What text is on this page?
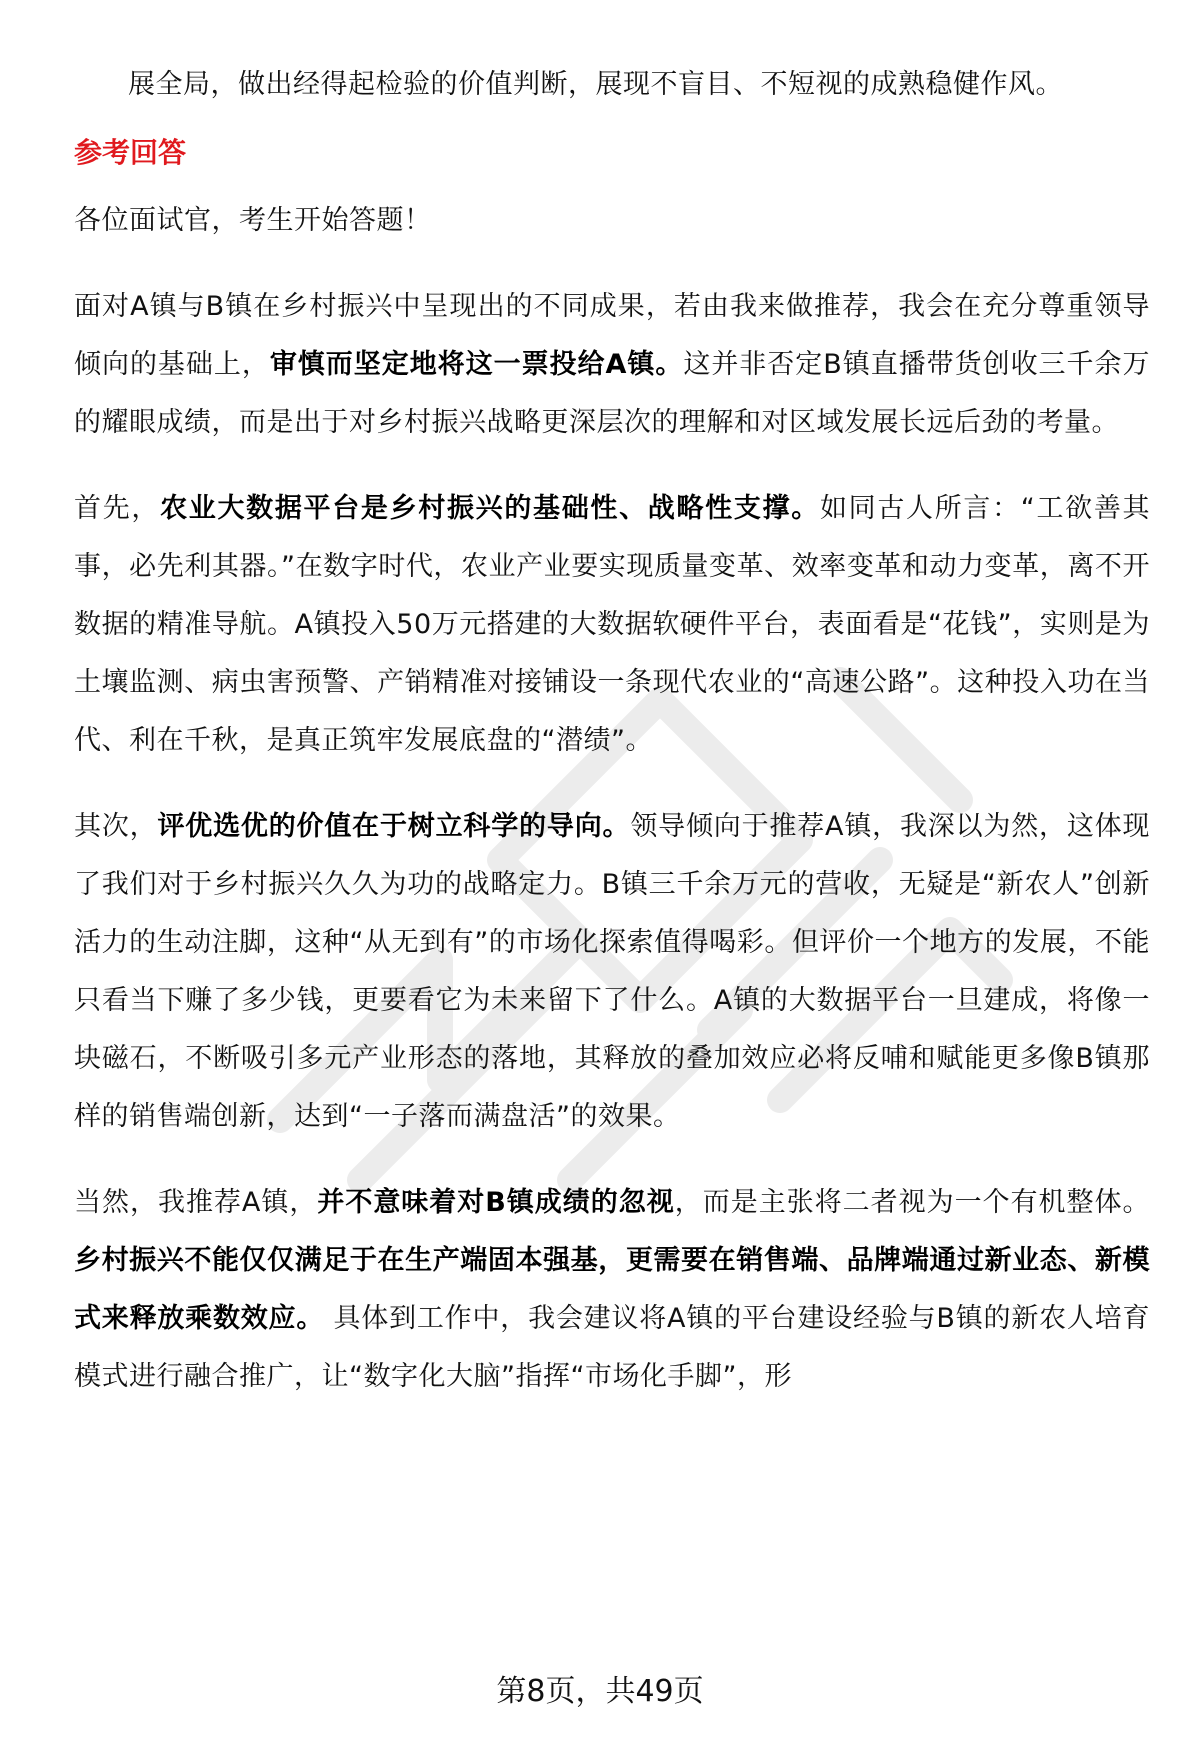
展全局，做出经得起检验的价值判断，展现不盲目、不短视的成熟稳健作风。

参考回答

各位面试官，考生开始答题！

面对A镇与B镇在乡村振兴中呈现出的不同成果，若由我来做推荐，我会在充分尊重领导倾向的基础上，审慎而坚定地将这一票投给A镇。这并非否定B镇直播带货创收三千余万的耀眼成绩，而是出于对乡村振兴战略更深层次的理解和对区域发展长远后劲的考量。

首先，农业大数据平台是乡村振兴的基础性、战略性支撑。如同古人所言：“工欲善其事，必先利其器。”在数字时代，农业产业要实现质量变革、效率变革和动力变革，离不开数据的精准导航。A镇投入50万元搭建的大数据软硬件平台，表面看是“花钱”，实则是为土壤监测、病虫害预警、产销精准对接铺设一条现代农业的“高速公路”。这种投入功在当代、利在千秋，是真正筑牢发展底盘的“潜绩”。

其次，评优选优的价值在于树立科学的导向。领导倾向于推荐A镇，我深以为然，这体现了我们对于乡村振兴久久为功的战略定力。B镇三千余万元的营收，无疑是“新农人”创新活力的生动注脚，这种“从无到有”的市场化探索值得喝彩。但评价一个地方的发展，不能只看当下赚了多少钱，更要看它为未来留下了什么。A镇的大数据平台一旦建成，将像一块磁石，不断吸引多元产业形态的落地，其释放的叠加效应必将反哺和赋能更多像B镇那样的销售端创新，达到“一子落而满盘活”的效果。

当然，我推荐A镇，并不意味着对B镇成绩的忽视，而是主张将二者视为一个有机整体。乡村振兴不能仅仅满足于在生产端固本强基，更需要在销售端、品牌端通过新业态、新模式来释放乘数效应。 具体到工作中，我会建议将A镇的平台建设经验与B镇的新农人培育模式进行融合推广，让“数字化大脑”指挥“市场化手脚”，形

第8页，共49页
